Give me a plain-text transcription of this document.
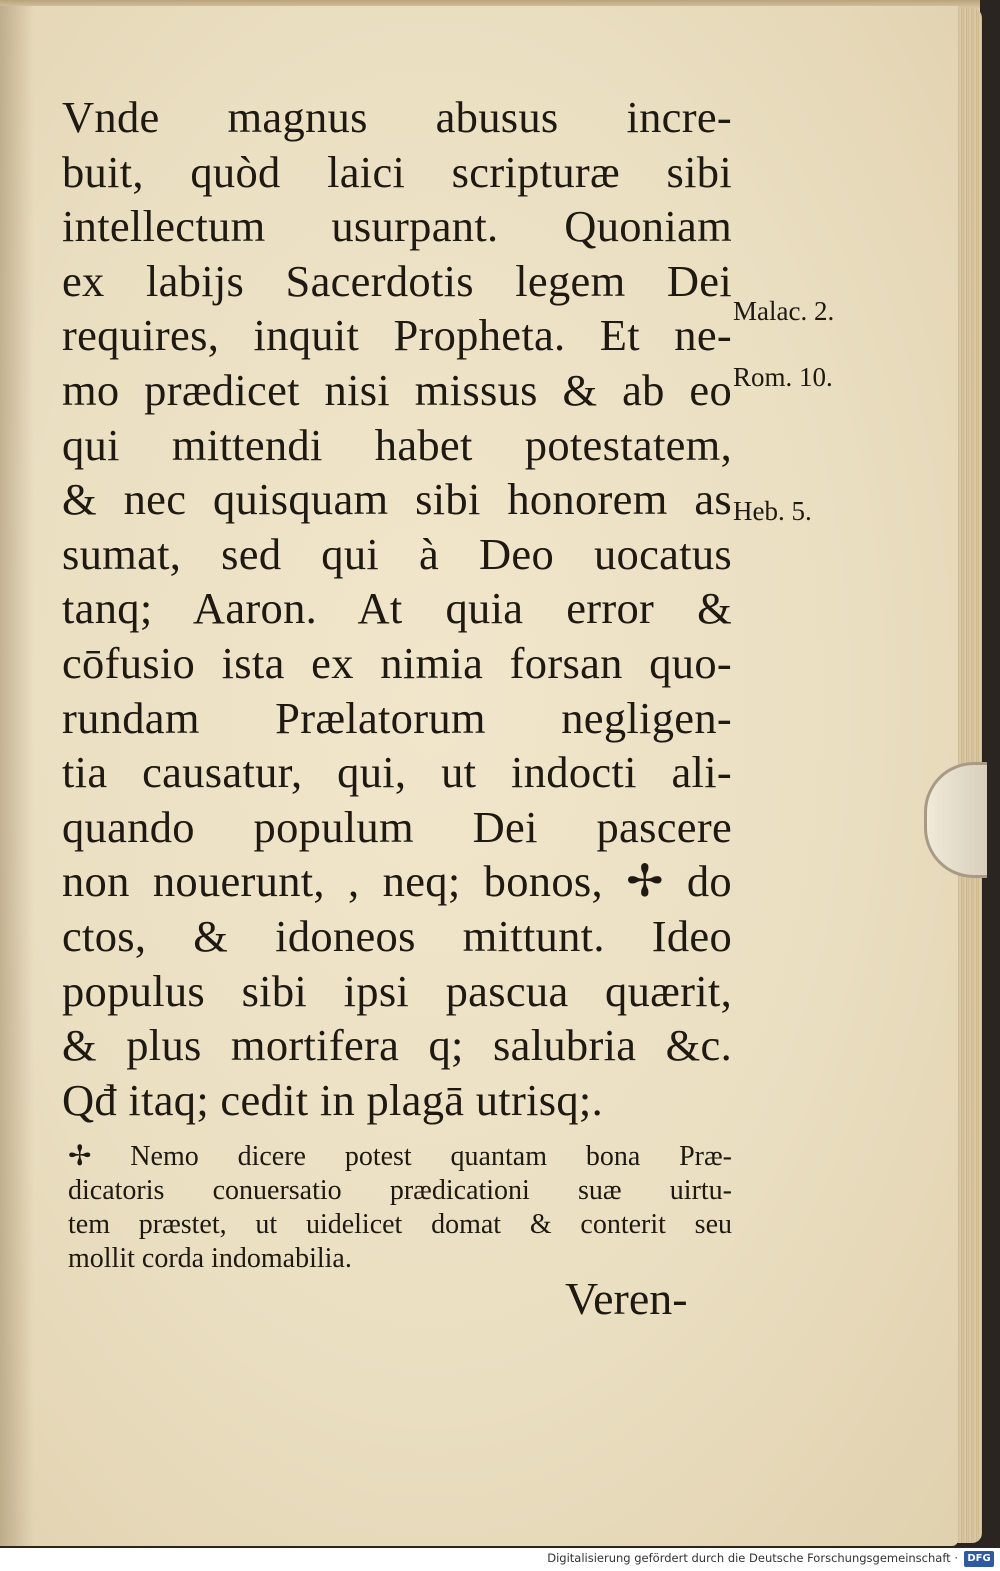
Vnde magnus abusus incre-
buit, quòd laici scripturæ sibi
intellectum usurpant. Quoniam
ex labijs Sacerdotis legem Dei
requires, inquit Propheta. Et ne-
mo prædicet nisi missus & ab eo
qui mittendi habet potestatem,
& nec quisquam sibi honorem as
sumat, sed qui à Deo uocatus
tanq; Aaron. At quia error &
cōfusio ista ex nimia forsan quo-
rundam Prælatorum negligen-
tia causatur, qui, ut indocti ali-
quando populum Dei pascere
non nouerunt, , neq; bonos, ✢ do
ctos, & idoneos mittunt. Ideo
populus sibi ipsi pascua quærit,
& plus mortifera q; salubria &c.
Qđ itaq; cedit in plagā utrisq;.
Malac. 2.
Rom. 10.
Heb. 5.
✢ Nemo dicere potest quantam bona Præ-
dicatoris conuersatio prædicationi suæ uirtu-
tem præstet, ut uidelicet domat & conterit seu
mollit corda indomabilia.
Veren-
Digitalisierung gefördert durch die Deutsche Forschungsgemeinschaft · DFG
